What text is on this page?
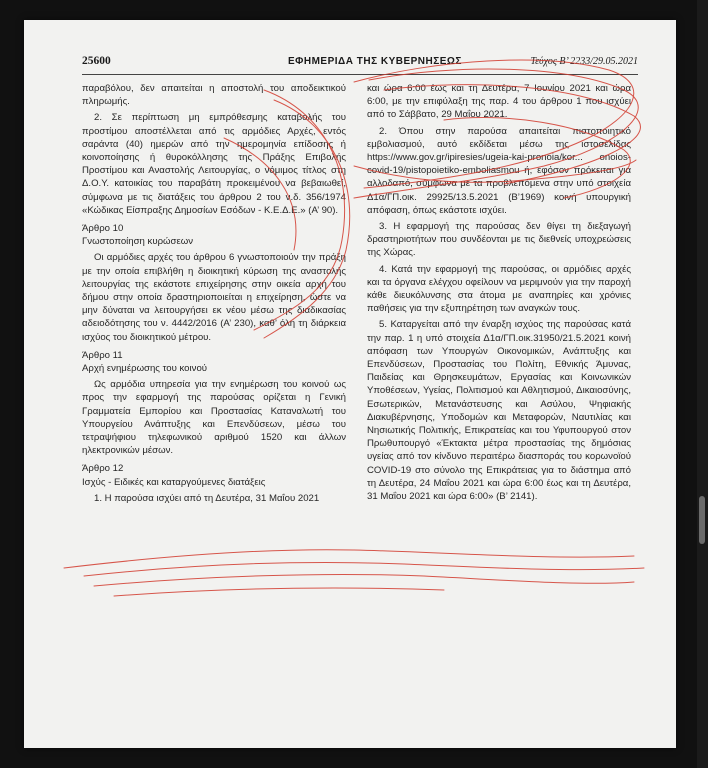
25600	ΕΦΗΜΕΡΙΔΑ ΤΗΣ ΚΥΒΕΡΝΗΣΕΩΣ	Τεύχος Β’ 2233/29.05.2021

παραβόλου, δεν απαιτείται η αποστολή του αποδεικτικού πληρωμής.

2. Σε περίπτωση μη εμπρόθεσμης καταβολής του προστίμου αποστέλλεται από τις αρμόδιες Αρχές, εντός σαράντα (40) ημερών από την ημερομηνία επίδοσης ή κοινοποίησης ή θυροκόλλησης της Πράξης Επιβολής Προστίμου και Αναστολής Λειτουργίας, ο νόμιμος τίτλος στη Δ.Ο.Υ. κατοικίας του παραβάτη προκειμένου να βεβαιωθεί, σύμφωνα με τις διατάξεις του άρθρου 2 του ν.δ. 356/1974 «Κώδικας Είσπραξης Δημοσίων Εσόδων - Κ.Ε.Δ.Ε.» (Α’ 90).

Άρθρο 10

Γνωστοποίηση κυρώσεων

Οι αρμόδιες αρχές του άρθρου 6 γνωστοποιούν την πράξη με την οποία επιβλήθη η διοικητική κύρωση της αναστολής λειτουργίας της εκάστοτε επιχείρησης στην οικεία αρχή του δήμου στην οποία δραστηριοποιείται η επιχείρηση, ώστε να μην δύναται να λειτουργήσει εκ νέου μέσω της διαδικασίας αδειοδότησης του ν. 4442/2016 (Α’ 230), καθ’ όλη τη διάρκεια ισχύος του διοικητικού μέτρου.

Άρθρο 11

Αρχή ενημέρωσης του κοινού

Ως αρμόδια υπηρεσία για την ενημέρωση του κοινού ως προς την εφαρμογή της παρούσας ορίζεται η Γενική Γραμματεία Εμπορίου και Προστασίας Καταναλωτή του Υπουργείου Ανάπτυξης και Επενδύσεων, μέσω του τετραψήφιου τηλεφωνικού αριθμού 1520 και άλλων ηλεκτρονικών μέσων.

Άρθρο 12

Ισχύς - Ειδικές και καταργούμενες διατάξεις

1. Η παρούσα ισχύει από τη Δευτέρα, 31 Μαΐου 2021

και ώρα 6:00 έως και τη Δευτέρα, 7 Ιουνίου 2021 και ώρα 6:00, με την επιφύλαξη της παρ. 4 του άρθρου 1 που ισχύει από το Σάββατο, 29 Μαΐου 2021.

2. Όπου στην παρούσα απαιτείται πιστοποιητικό εμβολιασμού, αυτό εκδίδεται μέσω της ιστοσελίδας https://www.gov.gr/ipiresies/ugeia-kai-pronoia/kor... onoios-covid-19/pistopoietiko-emboliasmou ή, εφόσον πρόκειται για αλλοδαπό, σύμφωνα με τα προβλεπόμενα στην υπό στοιχεία Δ1α/ΓΠ.οικ. 29925/13.5.2021 (Β’1969) κοινή υπουργική απόφαση, όπως εκάστοτε ισχύει.

3. Η εφαρμογή της παρούσας δεν θίγει τη διεξαγωγή δραστηριοτήτων που συνδέονται με τις διεθνείς υποχρεώσεις της Χώρας.

4. Κατά την εφαρμογή της παρούσας, οι αρμόδιες αρχές και τα όργανα ελέγχου οφείλουν να μεριμνούν για την παροχή κάθε διευκόλυνσης στα άτομα με αναπηρίες και χρόνιες παθήσεις για την εξυπηρέτηση των αναγκών τους.

5. Καταργείται από την έναρξη ισχύος της παρούσας κατά την παρ. 1 η υπό στοιχεία Δ1α/ΓΠ.οικ.31950/21.5.2021 κοινή απόφαση των Υπουργών Οικονομικών, Ανάπτυξης και Επενδύσεων, Προστασίας του Πολίτη, Εθνικής Άμυνας, Παιδείας και Θρησκευμάτων, Εργασίας και Κοινωνικών Υποθέσεων, Υγείας, Πολιτισμού και Αθλητισμού, Δικαιοσύνης, Εσωτερικών, Μετανάστευσης και Ασύλου, Ψηφιακής Διακυβέρνησης, Υποδομών και Μεταφορών, Ναυτιλίας και Νησιωτικής Πολιτικής, Επικρατείας και του Υφυπουργού στον Πρωθυπουργό «Έκτακτα μέτρα προστασίας της δημόσιας υγείας από τον κίνδυνο περαιτέρω διασποράς του κορωνοϊού COVID-19 στο σύνολο της Επικράτειας για το διάστημα από τη Δευτέρα, 24 Μαΐου 2021 και ώρα 6:00 έως και τη Δευτέρα, 31 Μαΐου 2021 και ώρα 6:00» (Β’ 2141).
